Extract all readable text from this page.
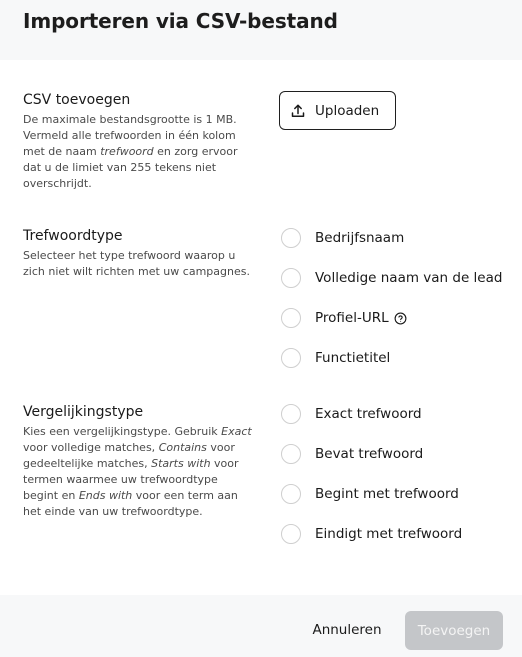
Importeren via CSV-bestand
CSV toevoegen
De maximale bestandsgrootte is 1 MB. Vermeld alle trefwoorden in één kolom met de naam trefwoord en zorg ervoor dat u de limiet van 255 tekens niet overschrijdt.
Uploaden
Trefwoordtype
Selecteer het type trefwoord waarop u zich niet wilt richten met uw campagnes.
Bedrijfsnaam
Volledige naam van de lead
Profiel-URL
Functietitel
Vergelijkingstype
Kies een vergelijkingstype. Gebruik Exact voor volledige matches, Contains voor gedeeltelijke matches, Starts with voor termen waarmee uw trefwoordtype begint en Ends with voor een term aan het einde van uw trefwoordtype.
Exact trefwoord
Bevat trefwoord
Begint met trefwoord
Eindigt met trefwoord
Annuleren	Toevoegen
